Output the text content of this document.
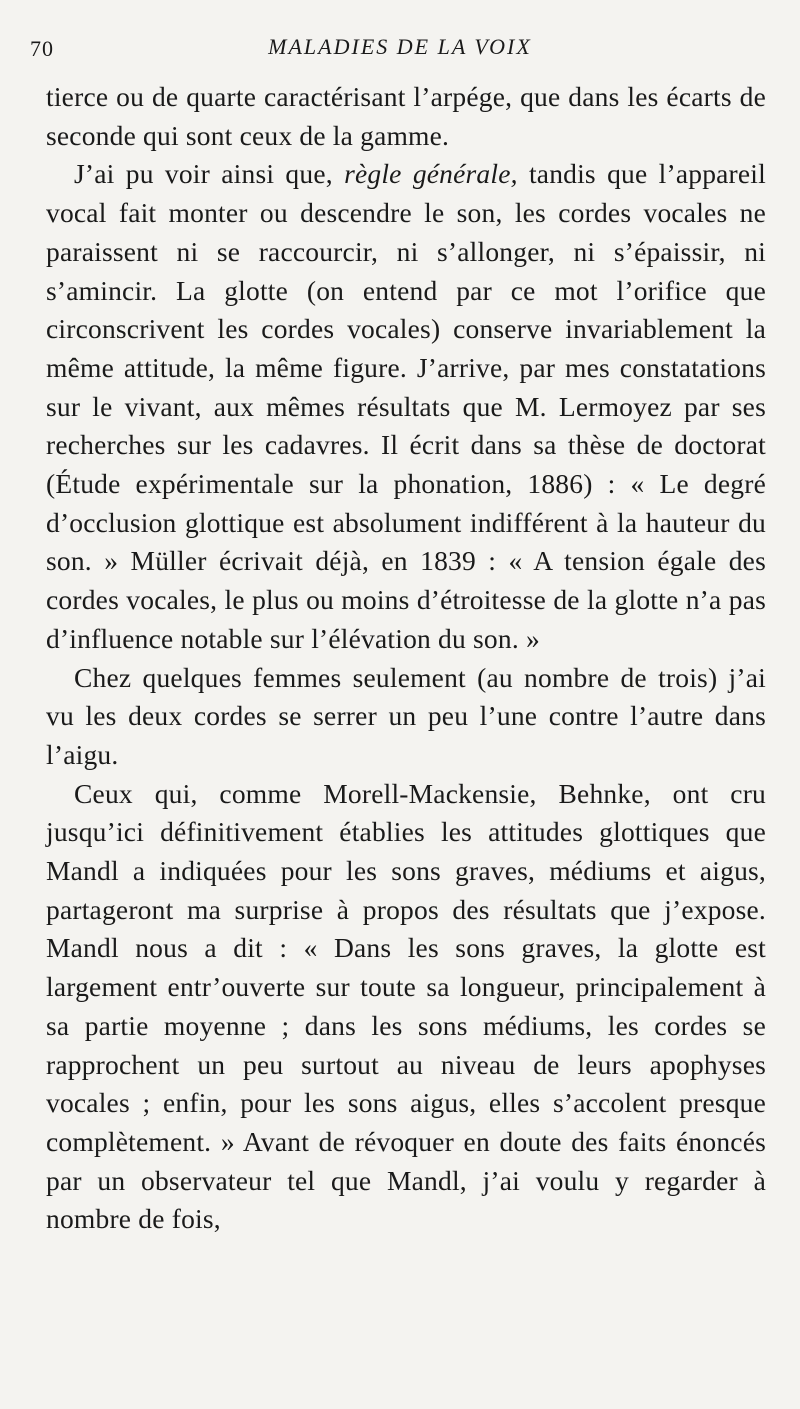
70	MALADIES DE LA VOIX

tierce ou de quarte caractérisant l’arpége, que dans les écarts de seconde qui sont ceux de la gamme.

J’ai pu voir ainsi que, règle générale, tandis que l’appareil vocal fait monter ou descendre le son, les cordes vocales ne paraissent ni se raccourcir, ni s’allonger, ni s’épaissir, ni s’amincir. La glotte (on entend par ce mot l’orifice que circonscrivent les cordes vocales) conserve invariablement la même attitude, la même figure. J’arrive, par mes constatations sur le vivant, aux mêmes résultats que M. Lermoyez par ses recherches sur les cadavres. Il écrit dans sa thèse de doctorat (Étude expérimentale sur la phonation, 1886) : « Le degré d’occlusion glottique est absolument indifférent à la hauteur du son. » Müller écrivait déjà, en 1839 : « A tension égale des cordes vocales, le plus ou moins d’étroitesse de la glotte n’a pas d’influence notable sur l’élévation du son. »

Chez quelques femmes seulement (au nombre de trois) j’ai vu les deux cordes se serrer un peu l’une contre l’autre dans l’aigu.

Ceux qui, comme Morell-Mackensie, Behnke, ont cru jusqu’ici définitivement établies les attitudes glottiques que Mandl a indiquées pour les sons graves, médiums et aigus, partageront ma surprise à propos des résultats que j’expose. Mandl nous a dit : « Dans les sons graves, la glotte est largement entr’ouverte sur toute sa longueur, principalement à sa partie moyenne ; dans les sons médiums, les cordes se rapprochent un peu surtout au niveau de leurs apophyses vocales ; enfin, pour les sons aigus, elles s’accolent presque complètement. » Avant de révoquer en doute des faits énoncés par un observateur tel que Mandl, j’ai voulu y regarder à nombre de fois,
